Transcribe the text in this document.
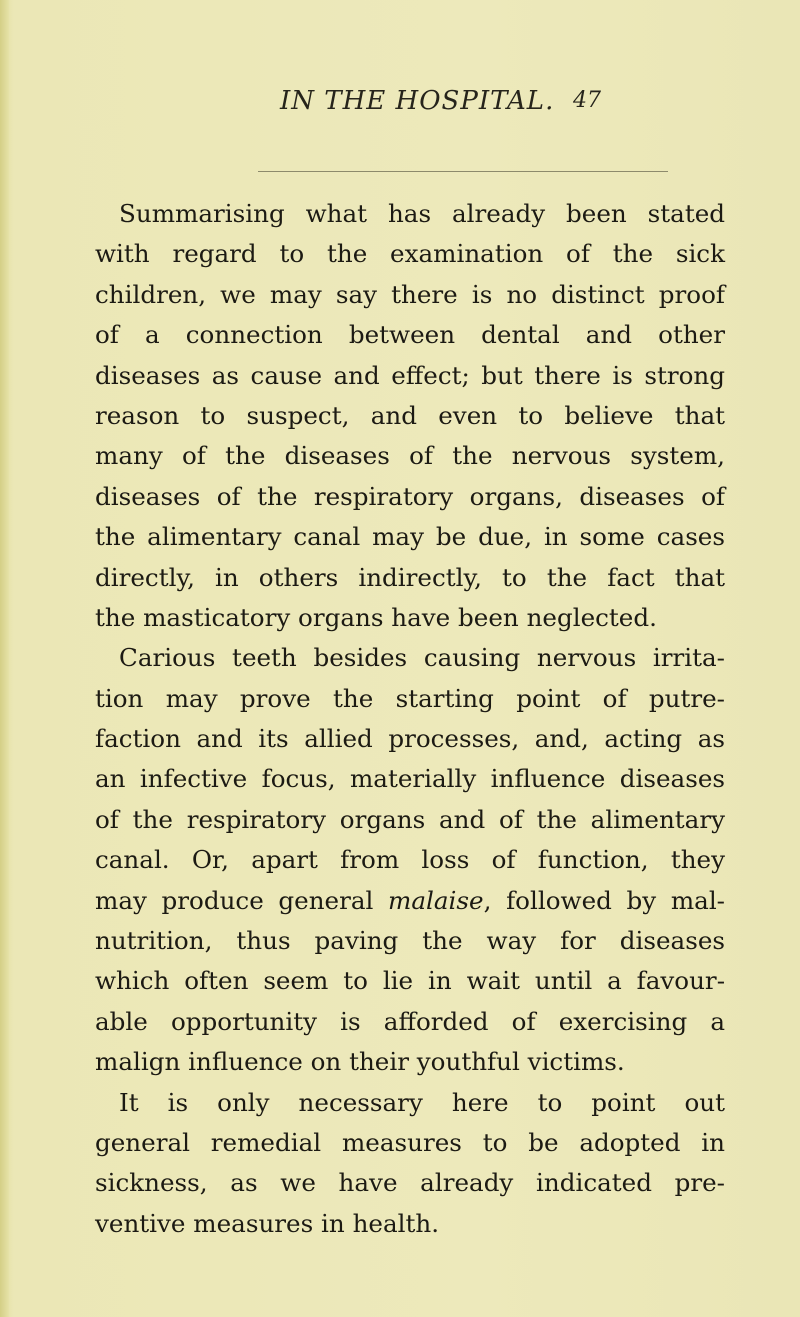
IN THE HOSPITAL. 47
Summarising what has already been stated
with regard to the examination of the sick
children, we may say there is no distinct proof
of a connection between dental and other
diseases as cause and effect; but there is strong
reason to suspect, and even to believe that
many of the diseases of the nervous system,
diseases of the respiratory organs, diseases of
the alimentary canal may be due, in some cases
directly, in others indirectly, to the fact that
the masticatory organs have been neglected.
Carious teeth besides causing nervous irrita-
tion may prove the starting point of putre-
faction and its allied processes, and, acting as
an infective focus, materially influence diseases
of the respiratory organs and of the alimentary
canal. Or, apart from loss of function, they
may produce general malaise, followed by mal-
nutrition, thus paving the way for diseases
which often seem to lie in wait until a favour-
able opportunity is afforded of exercising a
malign influence on their youthful victims.
It is only necessary here to point out
general remedial measures to be adopted in
sickness, as we have already indicated pre-
ventive measures in health.
